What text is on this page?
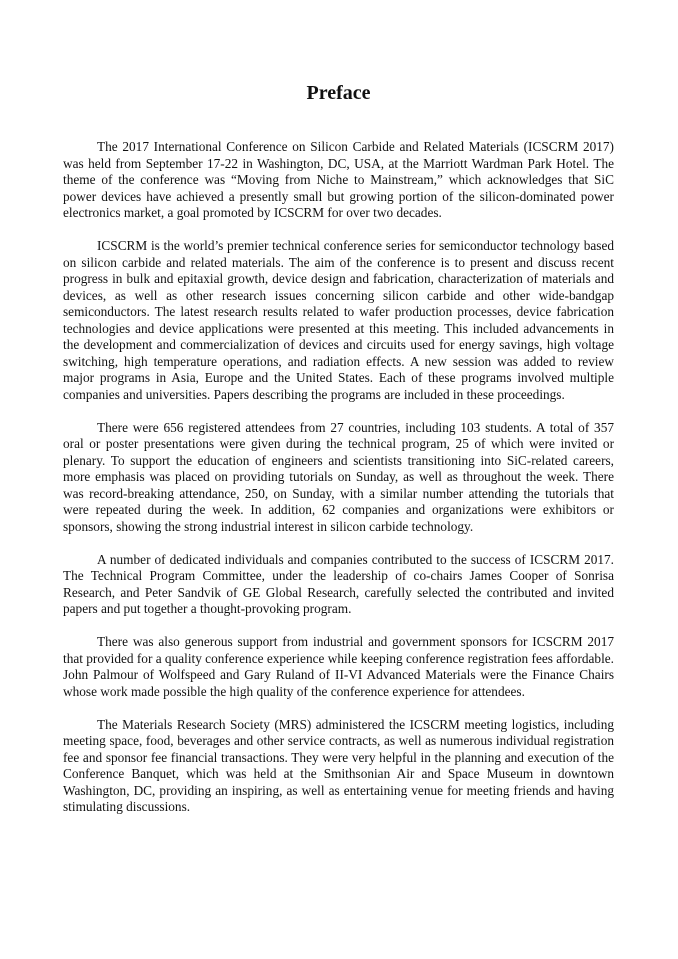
Preface

The 2017 International Conference on Silicon Carbide and Related Materials (ICSCRM 2017) was held from September 17-22 in Washington, DC, USA, at the Marriott Wardman Park Hotel. The theme of the conference was “Moving from Niche to Mainstream,” which acknowledges that SiC power devices have achieved a presently small but growing portion of the silicon-dominated power electronics market, a goal promoted by ICSCRM for over two decades.

ICSCRM is the world’s premier technical conference series for semiconductor technology based on silicon carbide and related materials. The aim of the conference is to present and discuss recent progress in bulk and epitaxial growth, device design and fabrication, characterization of materials and devices, as well as other research issues concerning silicon carbide and other wide-bandgap semiconductors. The latest research results related to wafer production processes, device fabrication technologies and device applications were presented at this meeting. This included advancements in the development and commercialization of devices and circuits used for energy savings, high voltage switching, high temperature operations, and radiation effects. A new session was added to review major programs in Asia, Europe and the United States. Each of these programs involved multiple companies and universities. Papers describing the programs are included in these proceedings.

There were 656 registered attendees from 27 countries, including 103 students. A total of 357 oral or poster presentations were given during the technical program, 25 of which were invited or plenary. To support the education of engineers and scientists transitioning into SiC-related careers, more emphasis was placed on providing tutorials on Sunday, as well as throughout the week. There was record-breaking attendance, 250, on Sunday, with a similar number attending the tutorials that were repeated during the week. In addition, 62 companies and organizations were exhibitors or sponsors, showing the strong industrial interest in silicon carbide technology.

A number of dedicated individuals and companies contributed to the success of ICSCRM 2017. The Technical Program Committee, under the leadership of co-chairs James Cooper of Sonrisa Research, and Peter Sandvik of GE Global Research, carefully selected the contributed and invited papers and put together a thought-provoking program.

There was also generous support from industrial and government sponsors for ICSCRM 2017 that provided for a quality conference experience while keeping conference registration fees affordable. John Palmour of Wolfspeed and Gary Ruland of II-VI Advanced Materials were the Finance Chairs whose work made possible the high quality of the conference experience for attendees.

The Materials Research Society (MRS) administered the ICSCRM meeting logistics, including meeting space, food, beverages and other service contracts, as well as numerous individual registration fee and sponsor fee financial transactions. They were very helpful in the planning and execution of the Conference Banquet, which was held at the Smithsonian Air and Space Museum in downtown Washington, DC, providing an inspiring, as well as entertaining venue for meeting friends and having stimulating discussions.
